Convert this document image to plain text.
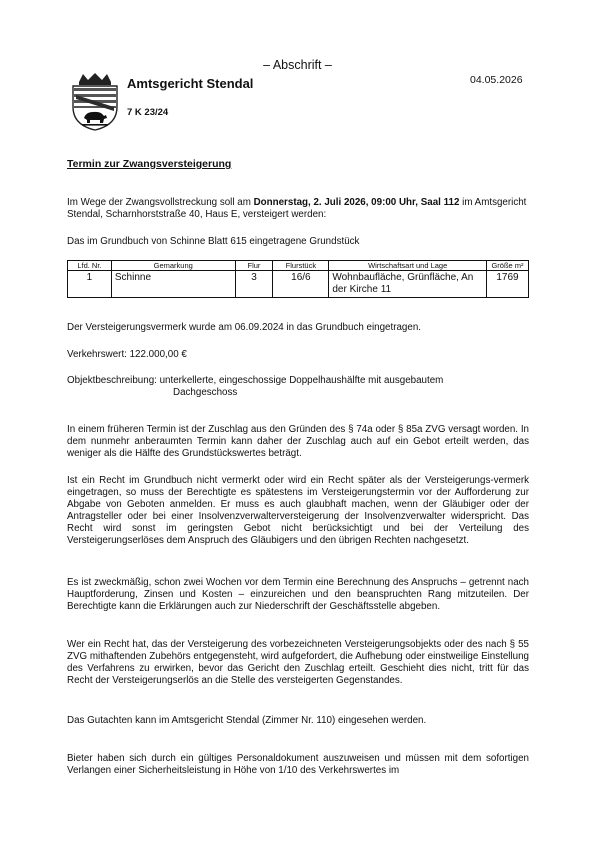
– Abschrift –
Amtsgericht Stendal
7 K 23/24
04.05.2026
Termin zur Zwangsversteigerung
Im Wege der Zwangsvollstreckung soll am Donnerstag, 2. Juli 2026, 09:00 Uhr, Saal 112 im Amtsgericht Stendal, Scharnhorststraße 40, Haus E, versteigert werden:
Das im Grundbuch von Schinne Blatt 615 eingetragene Grundstück
Lfd. Nr.	Gemarkung	Flur	Flurstück	Wirtschaftsart und Lage	Größe m²
1	Schinne	3	16/6	Wohnbaufläche, Grünfläche, An der Kirche 11	1769
Der Versteigerungsvermerk wurde am 06.09.2024 in das Grundbuch eingetragen.
Verkehrswert: 122.000,00 €
Objektbeschreibung: unterkellerte, eingeschossige Doppelhaushälfte mit ausgebautem
Dachgeschoss
In einem früheren Termin ist der Zuschlag aus den Gründen des § 74a oder § 85a ZVG versagt worden. In dem nunmehr anberaumten Termin kann daher der Zuschlag auch auf ein Gebot erteilt werden, das weniger als die Hälfte des Grundstückswertes beträgt.
Ist ein Recht im Grundbuch nicht vermerkt oder wird ein Recht später als der Versteigerungs-vermerk eingetragen, so muss der Berechtigte es spätestens im Versteigerungstermin vor der Aufforderung zur Abgabe von Geboten anmelden. Er muss es auch glaubhaft machen, wenn der Gläubiger oder der Antragsteller oder bei einer Insolvenzverwalterversteigerung der Insolvenzverwalter widerspricht. Das Recht wird sonst im geringsten Gebot nicht berücksichtigt und bei der Verteilung des Versteigerungserlöses dem Anspruch des Gläubigers und den übrigen Rechten nachgesetzt.
Es ist zweckmäßig, schon zwei Wochen vor dem Termin eine Berechnung des Anspruchs – getrennt nach Hauptforderung, Zinsen und Kosten – einzureichen und den beanspruchten Rang mitzuteilen. Der Berechtigte kann die Erklärungen auch zur Niederschrift der Geschäftsstelle abgeben.
Wer ein Recht hat, das der Versteigerung des vorbezeichneten Versteigerungsobjekts oder des nach § 55 ZVG mithaftenden Zubehörs entgegensteht, wird aufgefordert, die Aufhebung oder einstweilige Einstellung des Verfahrens zu erwirken, bevor das Gericht den Zuschlag erteilt. Geschieht dies nicht, tritt für das Recht der Versteigerungserlös an die Stelle des versteigerten Gegenstandes.
Das Gutachten kann im Amtsgericht Stendal (Zimmer Nr. 110) eingesehen werden.
Bieter haben sich durch ein gültiges Personaldokument auszuweisen und müssen mit dem sofortigen Verlangen einer Sicherheitsleistung in Höhe von 1/10 des Verkehrswertes im
